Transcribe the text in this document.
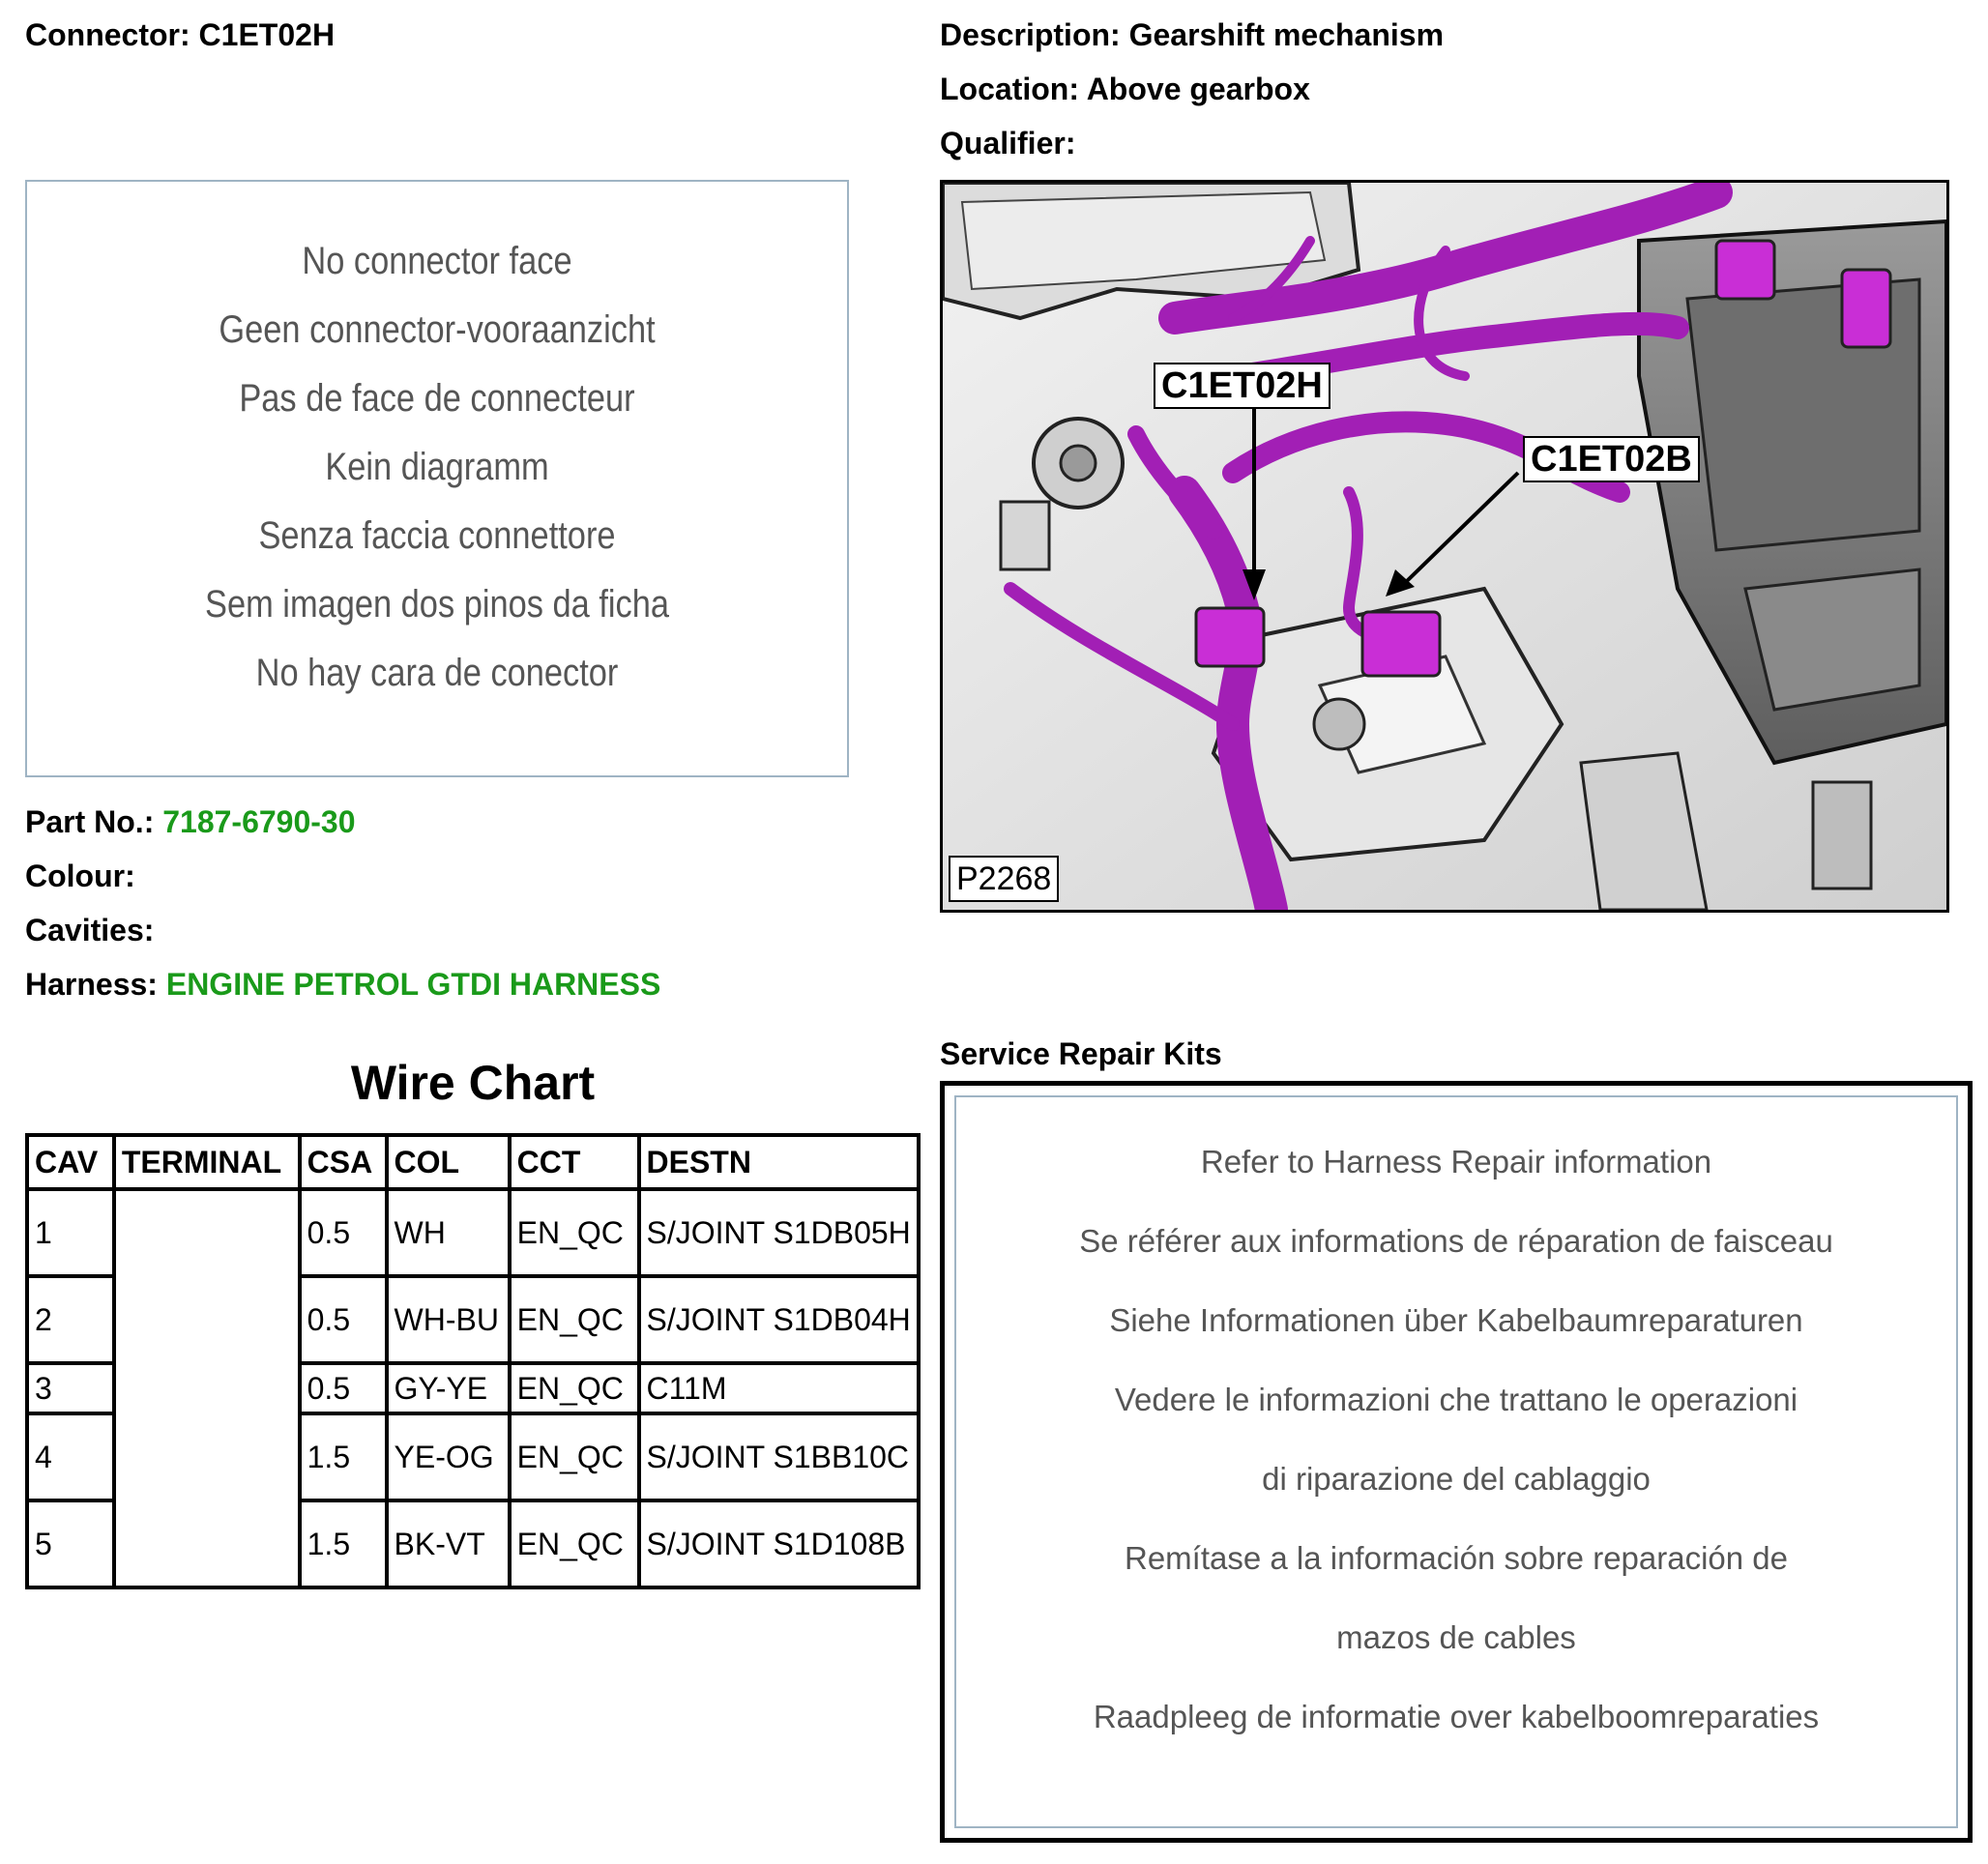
Connector: C1ET02H	Description: Gearshift mechanism
Location: Above gearbox
Qualifier:
No connector face
Geen connector-vooraanzicht
Pas de face de connecteur
Kein diagramm
Senza faccia connettore
Sem imagen dos pinos da ficha
No hay cara de conector
Part No.: 7187-6790-30
Colour:
Cavities:
Harness: ENGINE PETROL GTDI HARNESS
Wire Chart
CAV	TERMINAL	CSA	COL	CCT	DESTN
1		0.5	WH	EN_QC	S/JOINT S1DB05H
2		0.5	WH-BU	EN_QC	S/JOINT S1DB04H
3		0.5	GY-YE	EN_QC	C11M
4		1.5	YE-OG	EN_QC	S/JOINT S1BB10C
5		1.5	BK-VT	EN_QC	S/JOINT S1D108B
C1ET02H
C1ET02B
P2268
Service Repair Kits
Refer to Harness Repair information
Se référer aux informations de réparation de faisceau
Siehe Informationen über Kabelbaumreparaturen
Vedere le informazioni che trattano le operazioni
di riparazione del cablaggio
Remítase a la información sobre reparación de
mazos de cables
Raadpleeg de informatie over kabelboomreparaties
